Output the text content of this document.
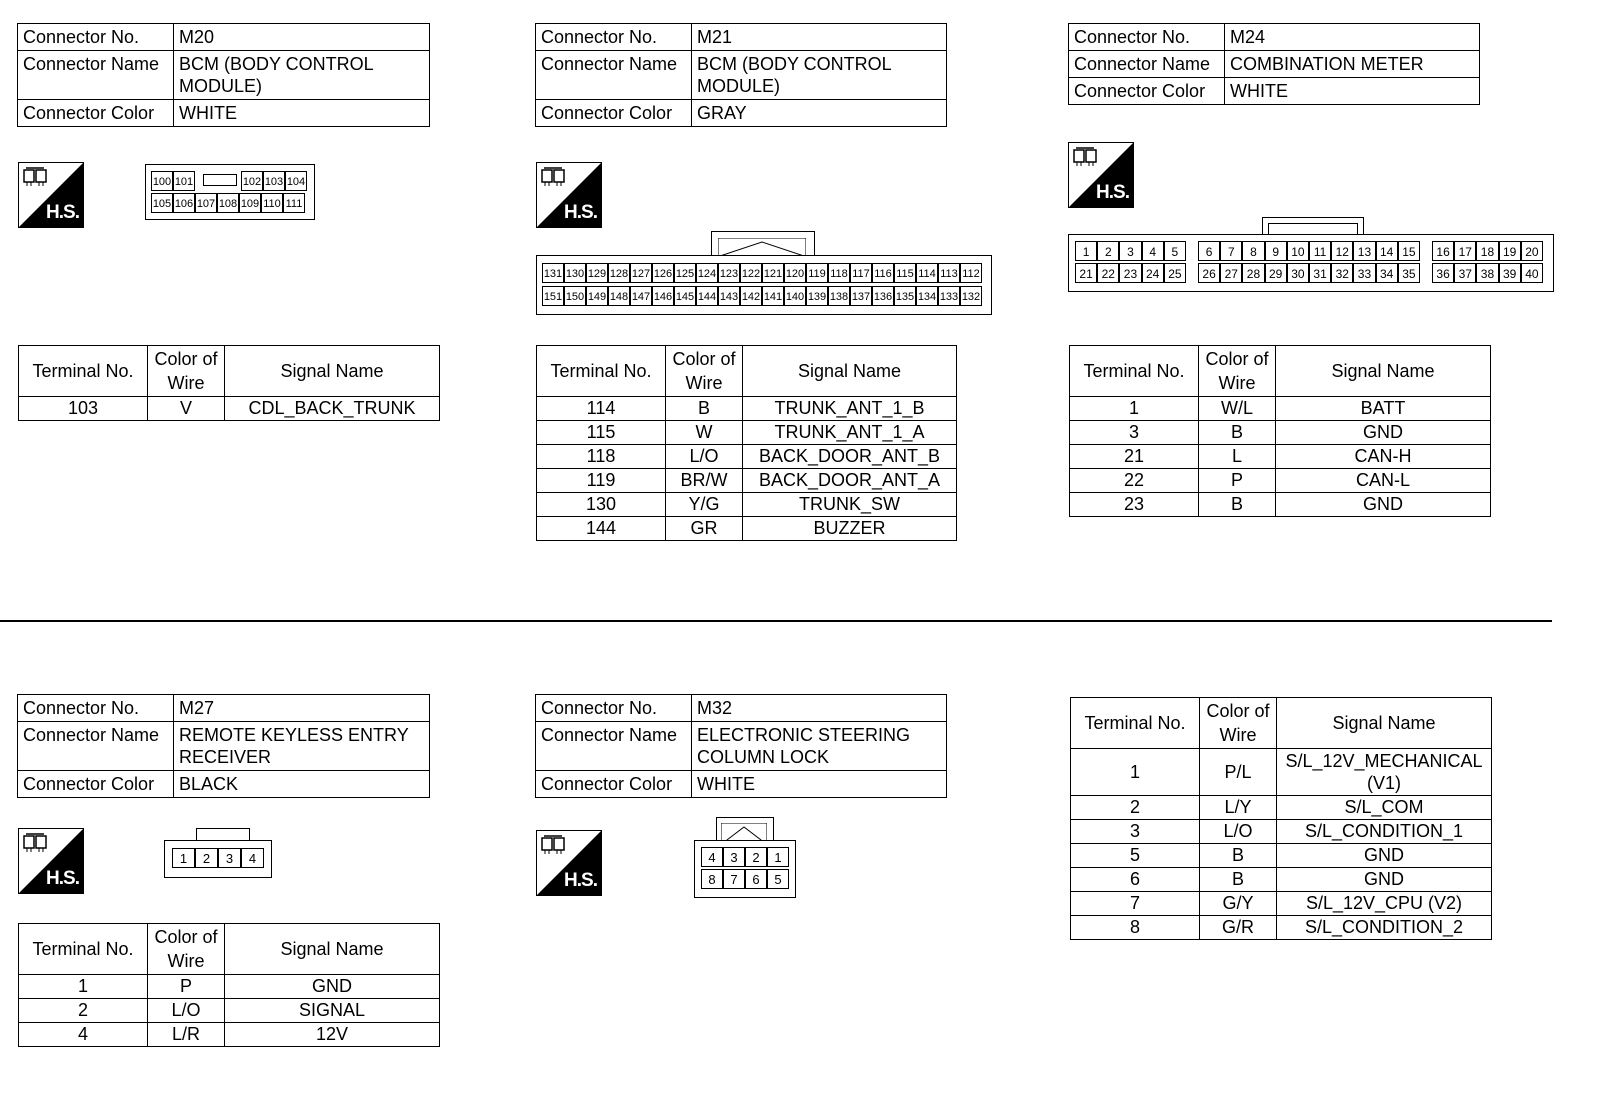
Connector No.	M20
Connector Name	BCM (BODY CONTROL MODULE)
Connector Color	WHITE
H.S.
100 101	102 103 104
105 106 107 108 109 110 111
Terminal No.	Color of Wire	Signal Name
103	V	CDL_BACK_TRUNK
Connector No.	M21
Connector Name	BCM (BODY CONTROL MODULE)
Connector Color	GRAY
H.S.
131 130 129 128 127 126 125 124 123 122 121 120 119 118 117 116 115 114 113 112
151 150 149 148 147 146 145 144 143 142 141 140 139 138 137 136 135 134 133 132
Terminal No.	Color of Wire	Signal Name
114	B	TRUNK_ANT_1_B
115	W	TRUNK_ANT_1_A
118	L/O	BACK_DOOR_ANT_B
119	BR/W	BACK_DOOR_ANT_A
130	Y/G	TRUNK_SW
144	GR	BUZZER
Connector No.	M24
Connector Name	COMBINATION METER
Connector Color	WHITE
H.S.
1	2	3	4	5	6	7	8	9	10 11 12 13 14 15	16 17 18 19 20
21 22 23 24 25	26 27 28 29 30 31 32 33 34 35	36 37 38 39 40
Terminal No.	Color of Wire	Signal Name
1	W/L	BATT
3	B	GND
21	L	CAN-H
22	P	CAN-L
23	B	GND
Connector No.	M27
Connector Name	REMOTE KEYLESS ENTRY RECEIVER
Connector Color	BLACK
H.S.
1	2	3	4
Terminal No.	Color of Wire	Signal Name
1	P	GND
2	L/O	SIGNAL
4	L/R	12V
Connector No.	M32
Connector Name	ELECTRONIC STEERING COLUMN LOCK
Connector Color	WHITE
H.S.
4	3	2	1
8	7	6	5
Terminal No.	Color of Wire	Signal Name
1	P/L	S/L_12V_MECHANICAL (V1)
2	L/Y	S/L_COM
3	L/O	S/L_CONDITION_1
5	B	GND
6	B	GND
7	G/Y	S/L_12V_CPU (V2)
8	G/R	S/L_CONDITION_2
